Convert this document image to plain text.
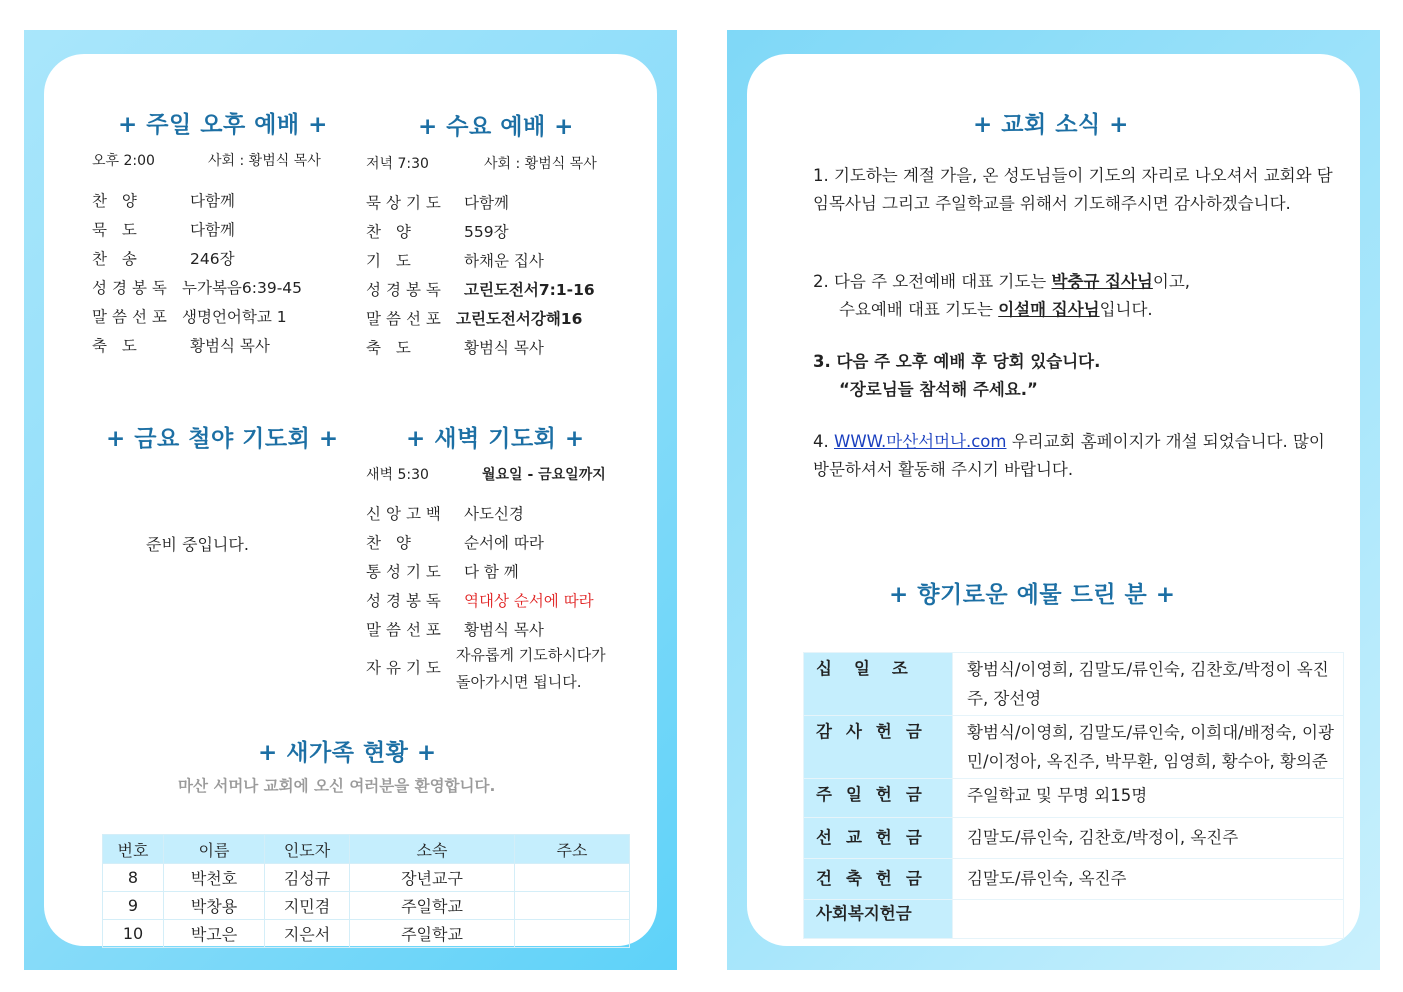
+ 주일 오후 예배 +
오후 2:00	사회 : 황범식 목사
찬 양	다함께
묵 도	다함께
찬 송	246장
성경봉독 누가복음6:39-45
말씀선포 생명언어학교 1
축 도	황범식 목사
+ 수요 예배 +
저녁 7:30	사회 : 황범식 목사
묵상기도 다함께
찬 양	559장
기 도	하채운 집사
성경봉독 고린도전서7:1-16
말씀선포 고린도전서강해16
축 도	황범식 목사
+ 금요 철야 기도회 +
준비 중입니다.
+ 새벽 기도회 +
새벽 5:30	월요일 - 금요일까지
신앙고백 사도신경
찬 양	순서에 따라
통성기도 다 함 께
성경봉독 역대상 순서에 따라
말씀선포 황범식 목사
자유기도
자유롭게 기도하시다가
돌아가시면 됩니다.
+ 새가족 현황 +
마산 서머나 교회에 오신 여러분을 환영합니다.
번호	이름	인도자	소속	주소
8	박천호	김성규	장년교구	
9	박창용	지민겸	주일학교	
10	박고은	지은서	주일학교	
+ 교회 소식 +

1. 기도하는 계절 가을, 온 성도님들이 기도의 자리로 나오셔서 교회와 담임목사님 그리고 주일학교를 위해서 기도해주시면 감사하겠습니다.

2. 다음 주 오전예배 대표 기도는 박충규 집사님이고,

수요예배 대표 기도는 이설매 집사님입니다.

3. 다음 주 오후 예배 후 당회 있습니다.

“장로님들 참석해 주세요.”

4. WWW.마산서머나.com 우리교회 홈페이지가 개설 되었습니다. 많이 방문하셔서 활동해 주시기 바랍니다.

+ 향기로운 예물 드린 분 +
십일조	황범식/이영희, 김말도/류인숙, 김찬호/박정이 옥진주, 장선영
감사헌금	황범식/이영희, 김말도/류인숙, 이희대/배정숙, 이광민/이정아, 옥진주, 박무환, 임영희, 황수아, 황의준
주일헌금	주일학교 및 무명 외15명
선교헌금	김말도/류인숙, 김찬호/박정이, 옥진주
건축헌금	김말도/류인숙, 옥진주
사회복지헌금	
